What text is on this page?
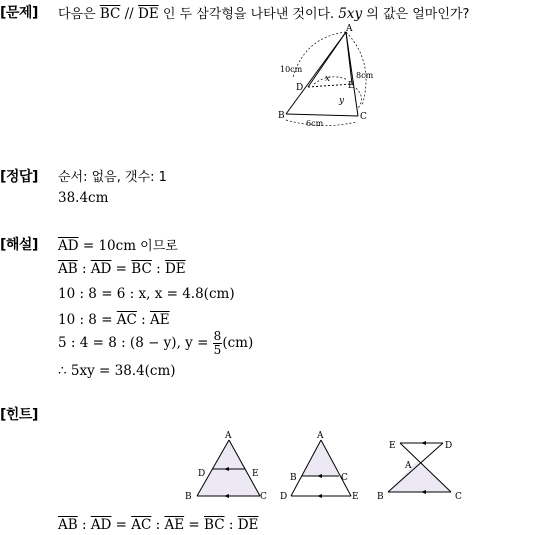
[문제] 다음은 $\overline{BC} // \overline{DE}$ 인 두 삼각형을 나타낸 것이다. 5xy 의 값은 얼마인가?
A
B	C
D	E
10cm
8cm
6cm
x
y
[정답] 순서: 없음, 갯수: 1
38.4cm
[해설] $\overline{AD} = 10cm$ 이므로
$\overline{AB}$ : $\overline{AD} = \overline{BC}$ : $\overline{DE}$
10 : 8 = 6 : x, x = 4.8(cm)
10 : $8 = \overline{AC}$ : $\overline{AE}$
5 : 4 = 8 : (8 − y), $y = \frac{8}{5} (cm)$
∴ 5xy = 38.4(cm)
[힌트]
A
B	C
D	E
A
B	C
D	E
A
B	C
D
E
$\overline{AB}$ : $\overline{AD} = \overline{AC}$ : $\overline{AE} = \overline{BC}$ : $\overline{DE}$
